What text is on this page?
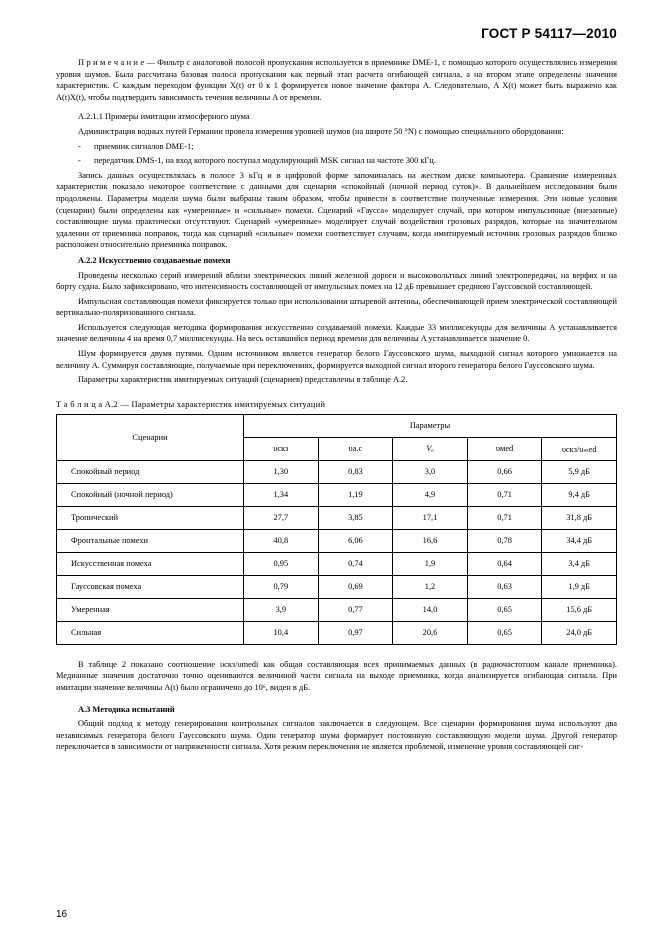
ГОСТ Р 54117—2010

П р и м е ч а н и е — Фильтр с аналоговой полосой пропускания используется в приемнике DME-1, с помощью которого осуществлялись измерения уровня шумов. Была рассчитана базовая полоса пропускания как первый этап расчета огибающей сигнала, а на втором этапе определены значения характеристик. С каждым переходом функции X(t) от 0 к 1 формируется новое значение фактора A. Следовательно, A X(t) может быть выражено как A(t)X(t), чтобы подтвердить зависимость течения величины A от времени.

А.2.1.1 Примеры имитации атмосферного шума

Администрация водных путей Германии провела измерения уровней шумов (на широте 50 °N) с помощью специального оборудования:

- приемник сигналов DME-1;

- передатчик DMS-1, на вход которого поступал модулирующий MSK сигнал на частоте 300 кГц.

Запись данных осуществлялась в полосе 3 кГц и в цифровой форме запоминалась на жестком диске компьютера. Сравнение измеренных характеристик показало некоторое соответствие с данными для сценария «спокойный (ночной период суток)». В дальнейшем исследования были продолжены. Параметры модели шума были выбраны таким образом, чтобы привести в соответствие полученные измерения. Эти новые условия (сценарии) были определены как «умеренные» и «сильные» помехи. Сценарий «Гауссa» моделирует случай, при котором импульсивные (внезапные) составляющие шума практически отсутствуют. Сценарий «умеренные» моделирует случай воздействия грозовых разрядов, которые на значительном удалении от приемника поправок, тогда как сценарий «сильные» помехи соответствует случаям, когда имитируемый источник грозовых разрядов близко расположен относительно приемника поправок.

А.2.2 Искусственно создаваемые помехи

Проведены несколько серий измерений вблизи электрических линий железной дороги и высоковольтных линий электропередачи, на верфях и на борту судна. Было зафиксировано, что интенсивность составляющей от импульсных помех на 12 дБ превышает среднюю Гауссовской составляющей.

Импульсная составляющая помехи фиксируется только при использовании штыревой антенны, обеспечивающей прием электрической составляющей вертикально-поляризованного сигнала.

Используется следующая методика формирования искусственно создаваемой помехи. Каждые 33 миллисекунды для величины A устанавливается значение величины 4 на время 0,7 миллисекунды. На весь оставшийся период времени для величины A устанавливается значение 0.

Шум формируется двумя путями. Одним источником является генератор белого Гауссовского шума, выходной сигнал которого умножается на величину A. Суммируя составляющие, получаемые при переключениях, формируется выходной сигнал второго генератора белого Гауссовского шума.

Параметры характеристик имитируемых ситуаций (сценариев) представлены в таблице А.2.

Т а б л и ц а А.2 — Параметры характеристик имитируемых ситуаций
Сценарии	Параметры				
	υскз	υа.с	Vₐ	υмed	υскз/υₘed
Спокойный период	1,30	0,83	3,0	0,66	5,9 дБ
Спокойный (ночной период)	1,34	1,19	4,9	0,71	9,4 дБ
Тропический	27,7	3,85	17,1	0,71	31,8 дБ
Фронтальные помехи	40,8	6,06	16,6	0,78	34,4 дБ
Искусственная помеха	0,95	0,74	1,9	0,64	3,4 дБ
Гауссовская помеха	0,79	0,69	1,2	0,63	1,9 дБ
Умеренная	3,9	0,77	14,0	0,65	15,6 дБ
Сильная	10,4	0,97	20,6	0,65	24,0 дБ

В таблице 2 показано соотношение υcкз/υmedi как общая составляющая всех принимаемых данных (в радиочастотном канале приемника). Медианные значения достаточно точно оцениваются величиной части сигнала на выходе приемника, когда анализируется огибающая сигнала. При имитации значение величины A(t) было ограничено до 10⁶, виден в дБ.

А.3 Методика испытаний

Общий подход к методу генерирования контрольных сигналов заключается в следующем. Все сценарии формирования шума используют два независимых генератора белого Гауссовского шума. Один генератор шума формирует постоянную составляющую модели шума. Другой генератор переключается в зависимости от напряженности сигнала. Хотя режим переключения не является проблемой, изменение уровня составляющей сиг-

16
